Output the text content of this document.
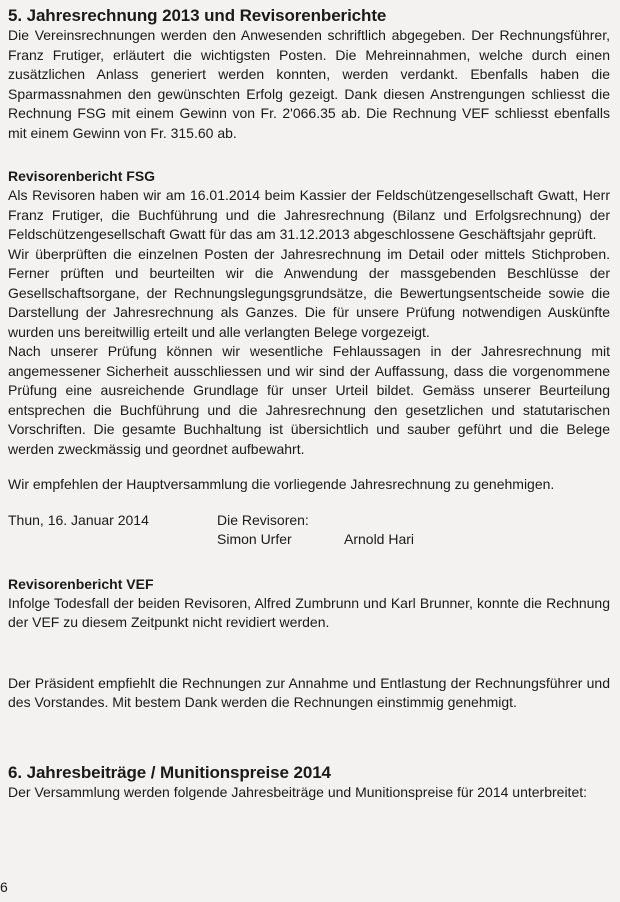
5. Jahresrechnung 2013 und Revisorenberichte

Die Vereinsrechnungen werden den Anwesenden schriftlich abgegeben. Der Rechnungsführer, Franz Frutiger, erläutert die wichtigsten Posten. Die Mehreinnahmen, welche durch einen zusätzlichen Anlass generiert werden konnten, werden verdankt. Ebenfalls haben die Sparmassnahmen den gewünschten Erfolg gezeigt. Dank diesen Anstrengungen schliesst die Rechnung FSG mit einem Gewinn von Fr. 2'066.35 ab. Die Rechnung VEF schliesst ebenfalls mit einem Gewinn von Fr. 315.60 ab.

Revisorenbericht FSG

Als Revisoren haben wir am 16.01.2014 beim Kassier der Feldschützengesellschaft Gwatt, Herr Franz Frutiger, die Buchführung und die Jahresrechnung (Bilanz und Erfolgsrechnung) der Feldschützengesellschaft Gwatt für das am 31.12.2013 abgeschlossene Geschäftsjahr geprüft.

Wir überprüften die einzelnen Posten der Jahresrechnung im Detail oder mittels Stichproben. Ferner prüften und beurteilten wir die Anwendung der massgebenden Beschlüsse der Gesellschaftsorgane, der Rechnungslegungsgrundsätze, die Bewertungsentscheide sowie die Darstellung der Jahresrechnung als Ganzes. Die für unsere Prüfung notwendigen Auskünfte wurden uns bereitwillig erteilt und alle verlangten Belege vorgezeigt.

Nach unserer Prüfung können wir wesentliche Fehlaussagen in der Jahresrechnung mit angemessener Sicherheit ausschliessen und wir sind der Auffassung, dass die vorgenommene Prüfung eine ausreichende Grundlage für unser Urteil bildet. Gemäss unserer Beurteilung entsprechen die Buchführung und die Jahresrechnung den gesetzlichen und statutarischen Vorschriften. Die gesamte Buchhaltung ist übersichtlich und sauber geführt und die Belege werden zweckmässig und geordnet aufbewahrt.

Wir empfehlen der Hauptversammlung die vorliegende Jahresrechnung zu genehmigen.

Thun, 16. Januar 2014	Die Revisoren:
Simon Urfer	Arnold Hari
Revisorenbericht VEF

Infolge Todesfall der beiden Revisoren, Alfred Zumbrunn und Karl Brunner, konnte die Rechnung der VEF zu diesem Zeitpunkt nicht revidiert werden.

Der Präsident empfiehlt die Rechnungen zur Annahme und Entlastung der Rechnungsführer und des Vorstandes. Mit bestem Dank werden die Rechnungen einstimmig genehmigt.

6. Jahresbeiträge / Munitionspreise 2014

Der Versammlung werden folgende Jahresbeiträge und Munitionspreise für 2014 unterbreitet:

6
